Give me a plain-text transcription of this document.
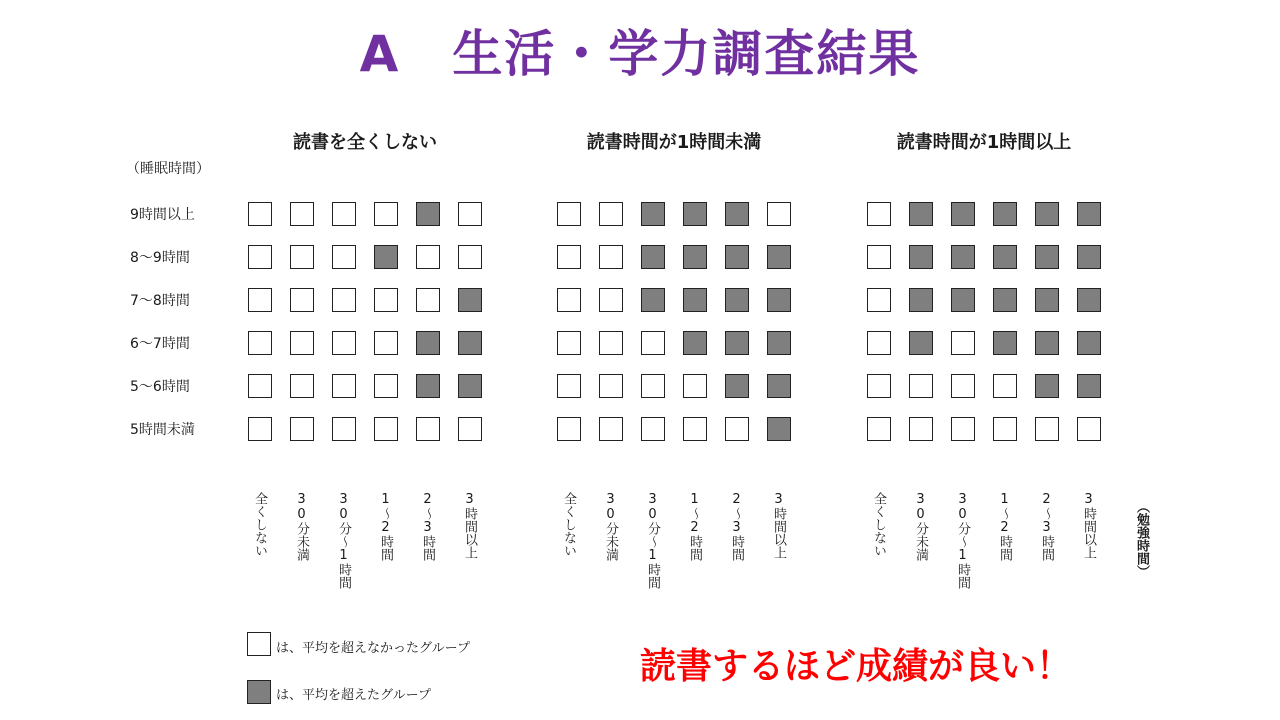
A　生活・学力調査結果
（睡眠時間）
9時間以上
8～9時間
7～8時間
6～7時間
5～6時間
5時間未満
読書を全くしない
全くしない 30分未満 30分～1時間 1～2時間 2～3時間 3時間以上
読書時間が1時間未満
全くしない 30分未満 30分～1時間 1～2時間 2～3時間 3時間以上
読書時間が1時間以上
全くしない 30分未満 30分～1時間 1～2時間 2～3時間 3時間以上	（勉強時間）
は、平均を超えなかったグループ
は、平均を超えたグループ
読書するほど成績が良い！
